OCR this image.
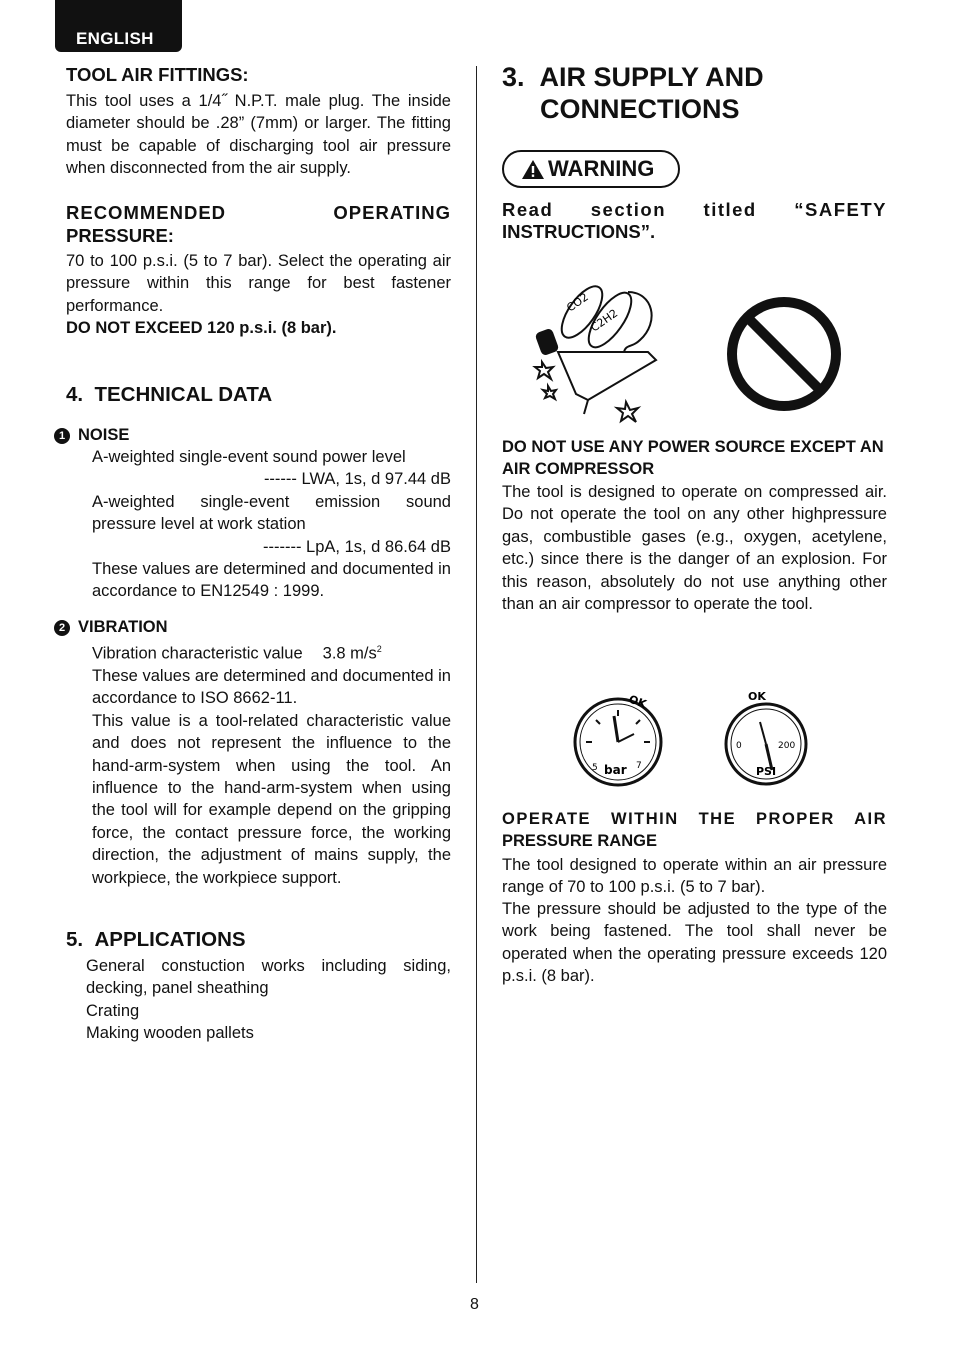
ENGLISH

TOOL AIR FITTINGS:

This tool uses a 1/4˝ N.P.T. male plug. The inside diameter should be .28” (7mm) or larger. The fitting must be capable of discharging tool air pressure when disconnected from the air supply.

RECOMMENDED OPERATING

PRESSURE:

70 to 100 p.s.i. (5 to 7 bar). Select the operating air pressure within this range for best fastener performance.

DO NOT EXCEED 120 p.s.i. (8 bar).

4.  TECHNICAL DATA

1 NOISE

A-weighted single-event sound power level

------ LWA, 1s, d 97.44 dB

A-weighted single-event emission sound pressure level at work station

------- LpA, 1s, d 86.64 dB

These values are determined and documented in accordance to EN12549 : 1999.

2 VIBRATION

Vibration characteristic value 3.8 $m/s^2$

These values are determined and documented in accordance to ISO 8662-11.

This value is a tool-related characteristic value and does not represent the influence to the hand-arm-system when using the tool. An influence to the hand-arm-system when using the tool will for example depend on the gripping force, the contact pressure force, the working direction, the adjustment of mains supply, the workpiece, the workpiece support.

5.  APPLICATIONS

General constuction works including siding, decking, panel sheathing

Crating

Making wooden pallets

3.  AIR SUPPLY AND
CONNECTIONS
WARNING

Read section titled “SAFETY

INSTRUCTIONS”.

CO2
C2H2

DO NOT USE ANY POWER SOURCE EXCEPT AN AIR COMPRESSOR

The tool is designed to operate on compressed air. Do not operate the tool on any other highpressure gas, combustible gases (e.g., oxygen, acetylene, etc.) since there is the danger of an explosion. For this reason, absolutely do not use anything other than an air compressor to operate the tool.

OK
bar
5	7
OK
PSI
0	200

OPERATE WITHIN THE PROPER AIR

PRESSURE RANGE

The tool designed to operate within an air pressure range of 70 to 100 p.s.i. (5 to 7 bar).

The pressure should be adjusted to the type of the work being fastened. The tool shall never be operated when the operating pressure exceeds 120 p.s.i. (8 bar).

8
